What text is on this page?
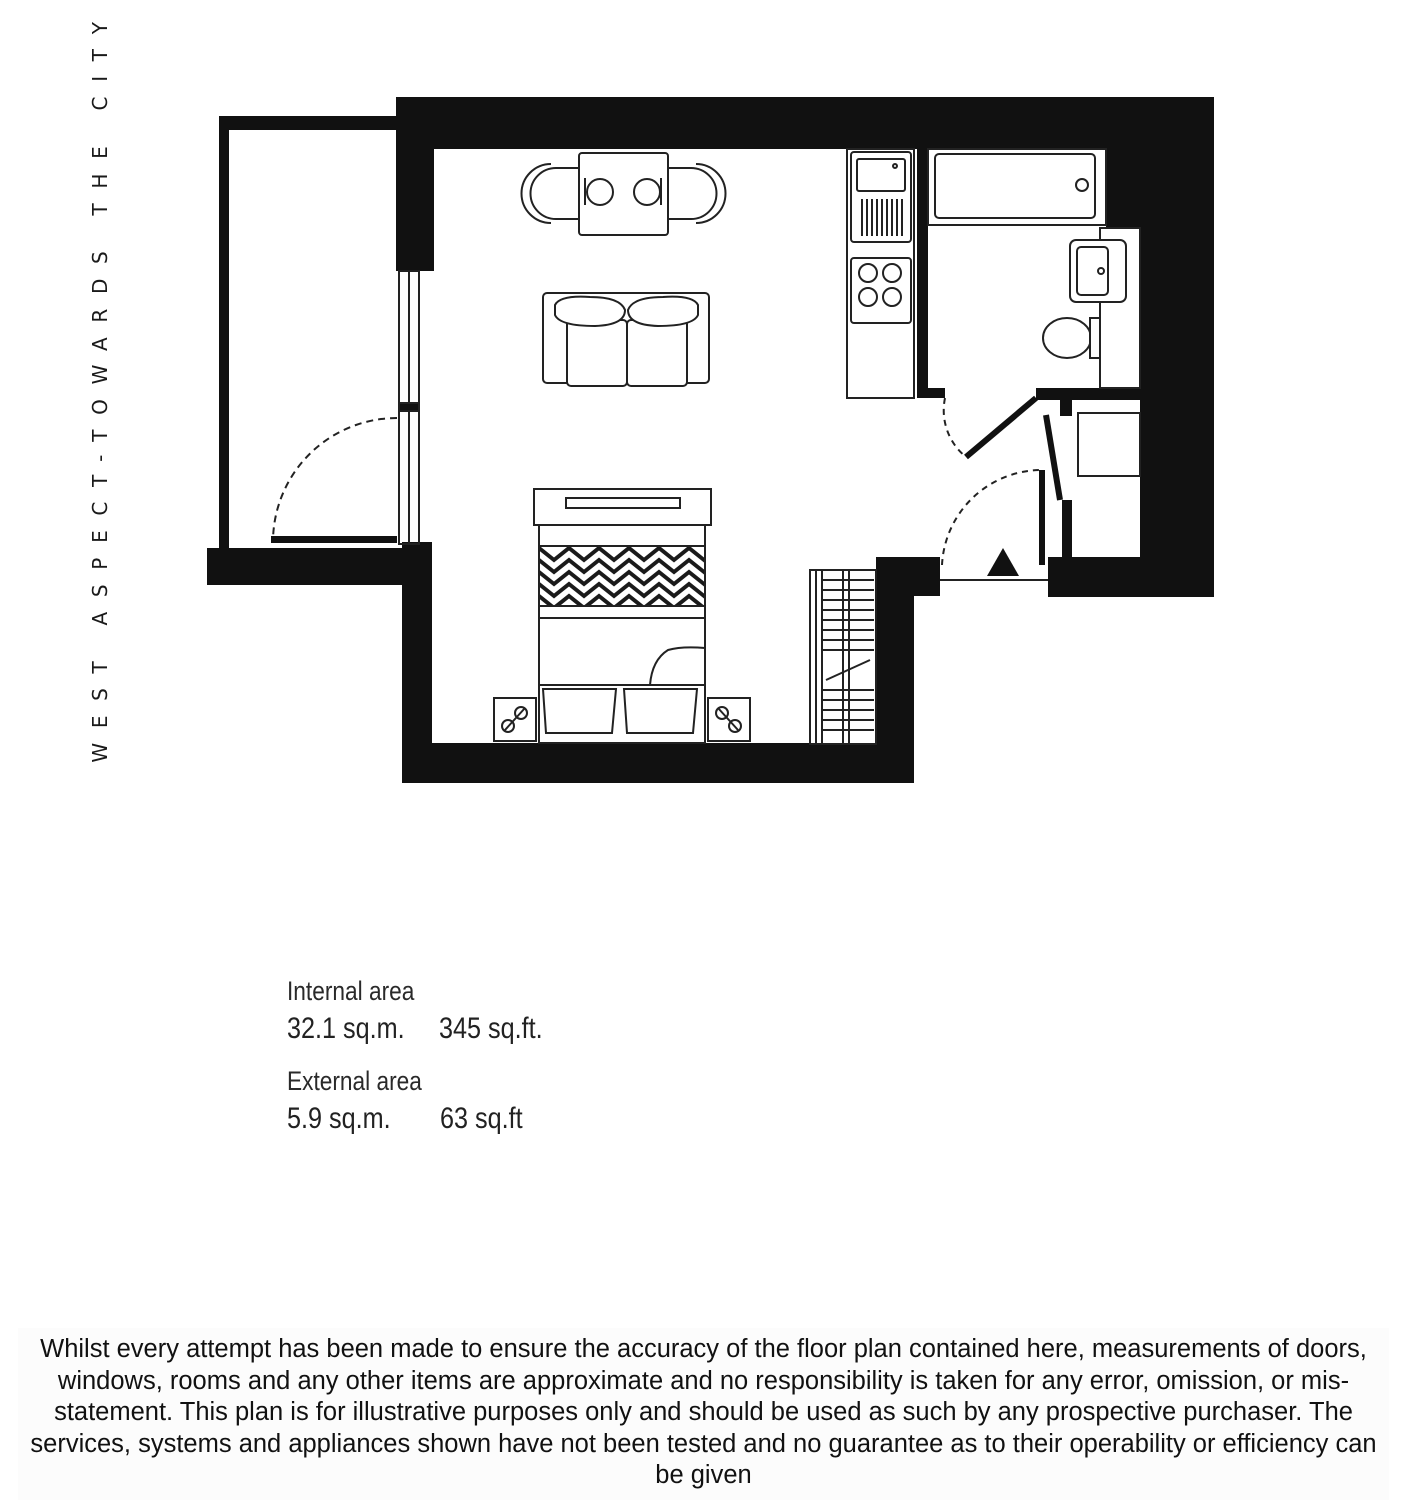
WEST ASPECT-TOWARDS THE CITY
Internal area
32.1 sq.m. 345 sq.ft.
External area
5.9 sq.m. 63 sq.ft
Whilst every attempt has been made to ensure the accuracy of the floor plan contained here, measurements of doors, windows, rooms and any other items are approximate and no responsibility is taken for any error, omission, or mis-statement. This plan is for illustrative purposes only and should be used as such by any prospective purchaser. The services, systems and appliances shown have not been tested and no guarantee as to their operability or efficiency can be given
